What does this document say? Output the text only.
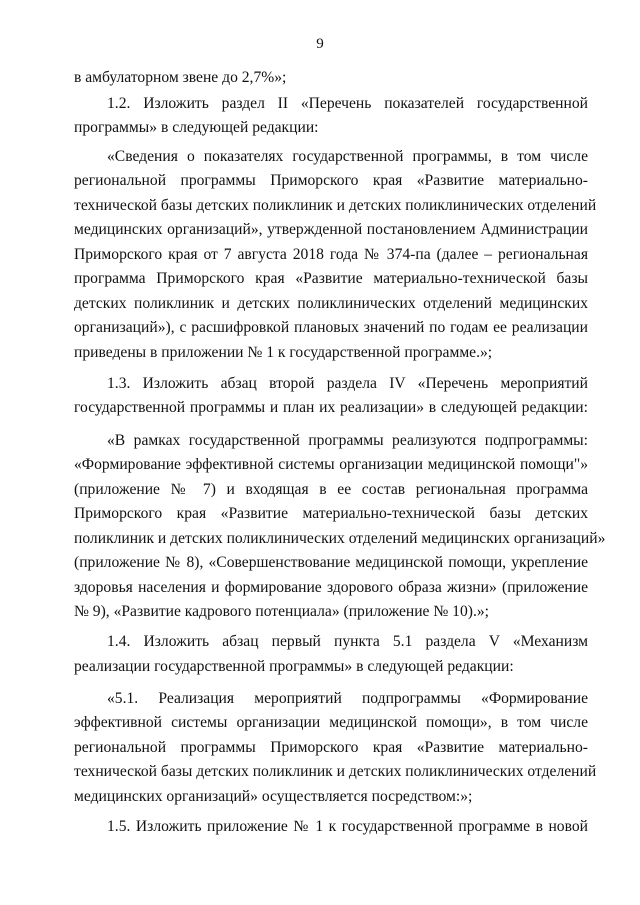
9
в амбулаторном звене до 2,7%»;
1.2. Изложить раздел II «Перечень показателей государственной
программы» в следующей редакции:
«Сведения о показателях государственной программы, в том числе
региональной программы Приморского края «Развитие материально-
технической базы детских поликлиник и детских поликлинических отделений
медицинских организаций», утвержденной постановлением Администрации
Приморского края от 7 августа 2018 года № 374-па (далее – региональная
программа Приморского края «Развитие материально-технической базы
детских поликлиник и детских поликлинических отделений медицинских
организаций»), с расшифровкой плановых значений по годам ее реализации
приведены в приложении № 1 к государственной программе.»;
1.3. Изложить абзац второй раздела IV «Перечень мероприятий
государственной программы и план их реализации» в следующей редакции:
«В рамках государственной программы реализуются подпрограммы:
«Формирование эффективной системы организации медицинской помощи"»
(приложение № 7) и входящая в ее состав региональная программа
Приморского края «Развитие материально-технической базы детских
поликлиник и детских поликлинических отделений медицинских организаций»
(приложение № 8), «Совершенствование медицинской помощи, укрепление
здоровья населения и формирование здорового образа жизни» (приложение
№ 9), «Развитие кадрового потенциала» (приложение № 10).»;
1.4. Изложить абзац первый пункта 5.1 раздела V «Механизм
реализации государственной программы» в следующей редакции:
«5.1. Реализация мероприятий подпрограммы «Формирование
эффективной системы организации медицинской помощи», в том числе
региональной программы Приморского края «Развитие материально-
технической базы детских поликлиник и детских поликлинических отделений
медицинских организаций» осуществляется посредством:»;
1.5. Изложить приложение № 1 к государственной программе в новой
